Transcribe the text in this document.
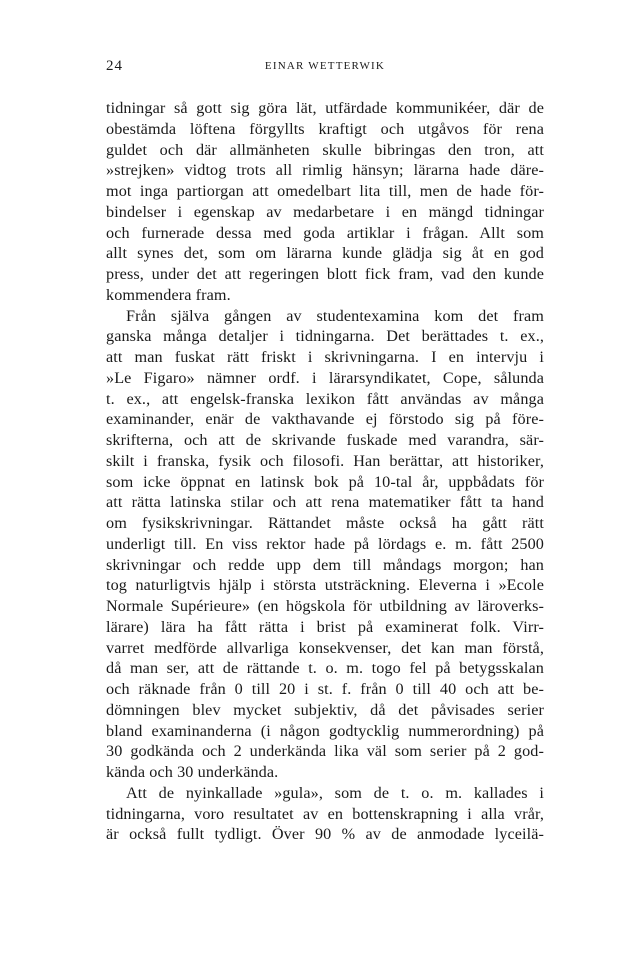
24	EINAR WETTERWIK
tidningar så gott sig göra lät, utfärdade kommunikéer, där de
obestämda löftena förgyllts kraftigt och utgåvos för rena
guldet och där allmänheten skulle bibringas den tron, att
»strejken» vidtog trots all rimlig hänsyn; lärarna hade däre-
mot inga partiorgan att omedelbart lita till, men de hade för-
bindelser i egenskap av medarbetare i en mängd tidningar
och furnerade dessa med goda artiklar i frågan. Allt som
allt synes det, som om lärarna kunde glädja sig åt en god
press, under det att regeringen blott fick fram, vad den kunde
kommendera fram.
Från själva gången av studentexamina kom det fram
ganska många detaljer i tidningarna. Det berättades t. ex.,
att man fuskat rätt friskt i skrivningarna. I en intervju i
»Le Figaro» nämner ordf. i lärarsyndikatet, Cope, sålunda
t. ex., att engelsk-franska lexikon fått användas av många
examinander, enär de vakthavande ej förstodo sig på före-
skrifterna, och att de skrivande fuskade med varandra, sär-
skilt i franska, fysik och filosofi. Han berättar, att historiker,
som icke öppnat en latinsk bok på 10-tal år, uppbådats för
att rätta latinska stilar och att rena matematiker fått ta hand
om fysikskrivningar. Rättandet måste också ha gått rätt
underligt till. En viss rektor hade på lördags e. m. fått 2500
skrivningar och redde upp dem till måndags morgon; han
tog naturligtvis hjälp i största utsträckning. Eleverna i »Ecole
Normale Supérieure» (en högskola för utbildning av läroverks-
lärare) lära ha fått rätta i brist på examinerat folk. Virr-
varret medförde allvarliga konsekvenser, det kan man förstå,
då man ser, att de rättande t. o. m. togo fel på betygsskalan
och räknade från 0 till 20 i st. f. från 0 till 40 och att be-
dömningen blev mycket subjektiv, då det påvisades serier
bland examinanderna (i någon godtycklig nummerordning) på
30 godkända och 2 underkända lika väl som serier på 2 god-
kända och 30 underkända.
Att de nyinkallade »gula», som de t. o. m. kallades i
tidningarna, voro resultatet av en bottenskrapning i alla vrår,
är också fullt tydligt. Över 90 % av de anmodade lyceilä-
